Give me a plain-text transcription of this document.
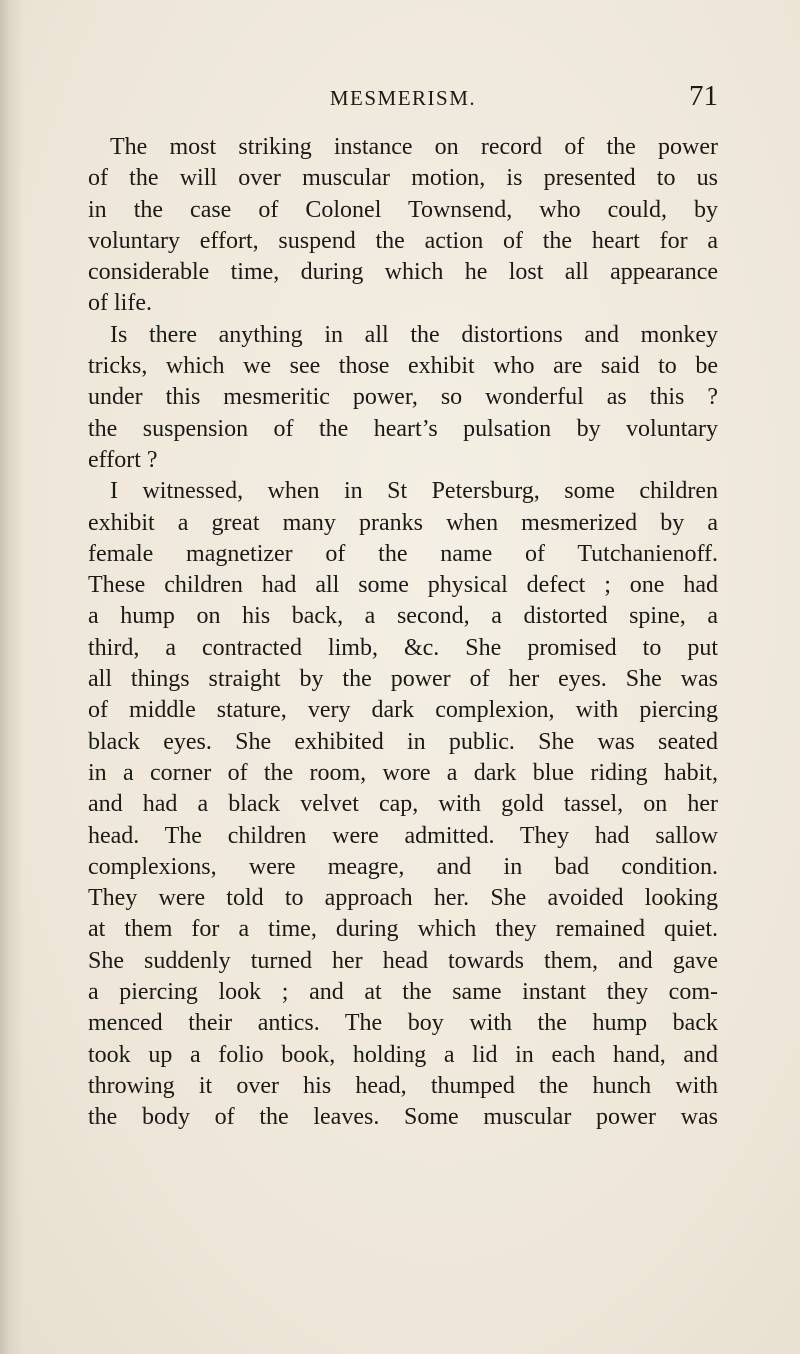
MESMERISM.	71
The most striking instance on record of the power
of the will over muscular motion, is presented to us
in the case of Colonel Townsend, who could, by
voluntary effort, suspend the action of the heart for a
considerable time, during which he lost all appearance
of life.
Is there anything in all the distortions and monkey
tricks, which we see those exhibit who are said to be
under this mesmeritic power, so wonderful as this ?
the suspension of the heart’s pulsation by voluntary
effort ?
I witnessed, when in St Petersburg, some children
exhibit a great many pranks when mesmerized by a
female magnetizer of the name of Tutchanienoff.
These children had all some physical defect ; one had
a hump on his back, a second, a distorted spine, a
third, a contracted limb, &c. She promised to put
all things straight by the power of her eyes. She was
of middle stature, very dark complexion, with piercing
black eyes. She exhibited in public. She was seated
in a corner of the room, wore a dark blue riding habit,
and had a black velvet cap, with gold tassel, on her
head. The children were admitted. They had sallow
complexions, were meagre, and in bad condition.
They were told to approach her. She avoided looking
at them for a time, during which they remained quiet.
She suddenly turned her head towards them, and gave
a piercing look ; and at the same instant they com-
menced their antics. The boy with the hump back
took up a folio book, holding a lid in each hand, and
throwing it over his head, thumped the hunch with
the body of the leaves. Some muscular power was
